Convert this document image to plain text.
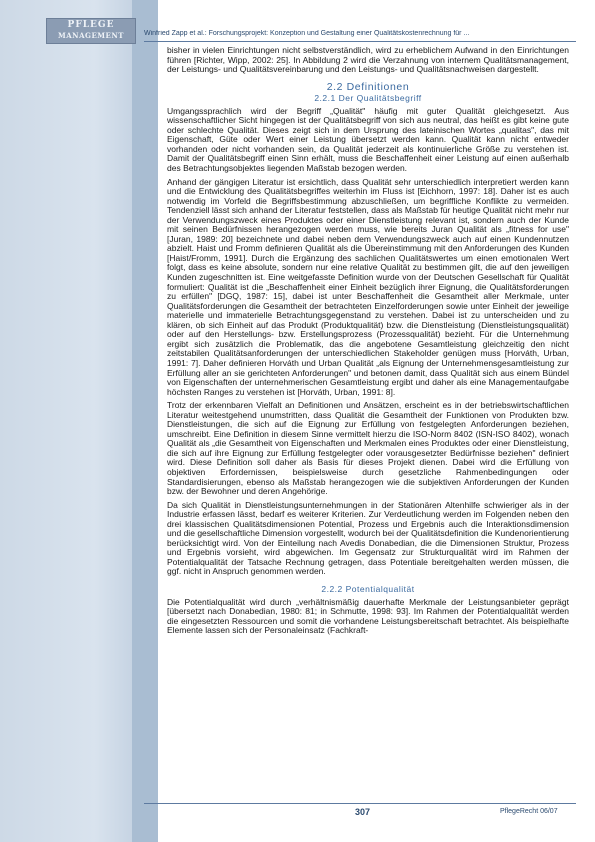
PFLEGE
MANAGEMENT	Winfried Zapp et al.: Forschungsprojekt: Konzeption und Gestaltung einer Qualitätskostenrechnung für ...

bisher in vielen Einrichtungen nicht selbstverständlich, wird zu erheblichem Aufwand in den Einrichtungen führen [Richter, Wipp, 2002: 25]. In Abbildung 2 wird die Verzahnung von internem Qualitätsmanagement, der Leistungs- und Qualitätsvereinbarung und den Leistungs- und Qualitätsnachweisen dargestellt.

2.2 Definitionen
2.2.1 Der Qualitätsbegriff

Umgangssprachlich wird der Begriff „Qualität" häufig mit guter Qualität gleichgesetzt. Aus wissenschaftlicher Sicht hingegen ist der Qualitätsbegriff von sich aus neutral, das heißt es gibt keine gute oder schlechte Qualität. Dieses zeigt sich in dem Ursprung des lateinischen Wortes „qualitas", das mit Eigenschaft, Güte oder Wert einer Leistung übersetzt werden kann. Qualität kann nicht entweder vorhanden oder nicht vorhanden sein, da Qualität jederzeit als kontinuierliche Größe zu verstehen ist. Damit der Qualitätsbegriff einen Sinn erhält, muss die Beschaffenheit einer Leistung auf einen außerhalb des Betrachtungsobjektes liegenden Maßstab bezogen werden.

Anhand der gängigen Literatur ist ersichtlich, dass Qualität sehr unterschiedlich interpretiert werden kann und die Entwicklung des Qualitätsbegriffes weiterhin im Fluss ist [Eichhorn, 1997: 18]. Daher ist es auch notwendig im Vorfeld die Begriffsbestimmung abzuschließen, um begriffliche Konflikte zu vermeiden. Tendenziell lässt sich anhand der Literatur feststellen, dass als Maßstab für heutige Qualität nicht mehr nur der Verwendungszweck eines Produktes oder einer Dienstleistung relevant ist, sondern auch der Kunde mit seinen Bedürfnissen herangezogen werden muss, wie bereits Juran Qualität als „fitness for use" [Juran, 1989: 20] bezeichnete und dabei neben dem Verwendungszweck auch auf einen Kundennutzen abzielt. Haist und Fromm definieren Qualität als die Übereinstimmung mit den Anforderungen des Kunden [Haist/Fromm, 1991]. Durch die Ergänzung des sachlichen Qualitätswertes um einen emotionalen Wert folgt, dass es keine absolute, sondern nur eine relative Qualität zu bestimmen gilt, die auf den jeweiligen Kunden zugeschnitten ist. Eine weitgefasste Definition wurde von der Deutschen Gesellschaft für Qualität formuliert: Qualität ist die „Beschaffenheit einer Einheit bezüglich ihrer Eignung, die Qualitätsforderungen zu erfüllen" [DGQ, 1987: 15], dabei ist unter Beschaffenheit die Gesamtheit aller Merkmale, unter Qualitätsforderungen die Gesamtheit der betrachteten Einzelforderungen sowie unter Einheit der jeweilige materielle und immaterielle Betrachtungsgegenstand zu verstehen. Dabei ist zu unterscheiden und zu klären, ob sich Einheit auf das Produkt (Produktqualität) bzw. die Dienstleistung (Dienstleistungsqualität) oder auf den Herstellungs- bzw. Erstellungsprozess (Prozessqualität) bezieht. Für die Unternehmung ergibt sich zusätzlich die Problematik, das die angebotene Gesamtleistung gleichzeitig den nicht zeitstabilen Qualitätsanforderungen der unterschiedlichen Stakeholder genügen muss [Horváth, Urban, 1991: 7]. Daher definieren Horváth und Urban Qualität „als Eignung der Unternehmensgesamtleistung zur Erfüllung aller an sie gerichteten Anforderungen" und betonen damit, dass Qualität sich aus einem Bündel von Eigenschaften der unternehmerischen Gesamtleistung ergibt und daher als eine Managementaufgabe höchsten Ranges zu verstehen ist [Horváth, Urban, 1991: 8].

Trotz der erkennbaren Vielfalt an Definitionen und Ansätzen, erscheint es in der betriebswirtschaftlichen Literatur weitestgehend unumstritten, dass Qualität die Gesamtheit der Funktionen von Produkten bzw. Dienstleistungen, die sich auf die Eignung zur Erfüllung von festgelegten Anforderungen beziehen, umschreibt. Eine Definition in diesem Sinne vermittelt hierzu die ISO-Norm 8402 (ISN-ISO 8402), wonach Qualität als „die Gesamtheit von Eigenschaften und Merkmalen eines Produktes oder einer Dienstleistung, die sich auf ihre Eignung zur Erfüllung festgelegter oder vorausgesetzter Bedürfnisse beziehen" definiert wird. Diese Definition soll daher als Basis für dieses Projekt dienen. Dabei wird die Erfüllung von objektiven Erfordernissen, beispielsweise durch gesetzliche Rahmenbedingungen oder Standardisierungen, ebenso als Maßstab herangezogen wie die subjektiven Anforderungen der Kunden bzw. der Bewohner und deren Angehörige.

Da sich Qualität in Dienstleistungsunternehmungen in der Stationären Altenhilfe schwieriger als in der Industrie erfassen lässt, bedarf es weiterer Kriterien. Zur Verdeutlichung werden im Folgenden neben den drei klassischen Qualitätsdimensionen Potential, Prozess und Ergebnis auch die Interaktionsdimension und die gesellschaftliche Dimension vorgestellt, wodurch bei der Qualitätsdefinition die Kundenorientierung berücksichtigt wird. Von der Einteilung nach Avedis Donabedian, die die Dimensionen Struktur, Prozess und Ergebnis vorsieht, wird abgewichen. Im Gegensatz zur Strukturqualität wird im Rahmen der Potentialqualität der Tatsache Rechnung getragen, dass Potentiale bereitgehalten werden müssen, die ggf. nicht in Anspruch genommen werden.

2.2.2 Potentialqualität

Die Potentialqualität wird durch „verhältnismäßig dauerhafte Merkmale der Leistungsanbieter geprägt [übersetzt nach Donabedian, 1980: 81; in Schmutte, 1998: 93]. Im Rahmen der Potentialqualität werden die eingesetzten Ressourcen und somit die vorhandene Leistungsbereitschaft betrachtet. Als beispielhafte Elemente lassen sich der Personaleinsatz (Fachkraft-

307	PflegeRecht 06/07
